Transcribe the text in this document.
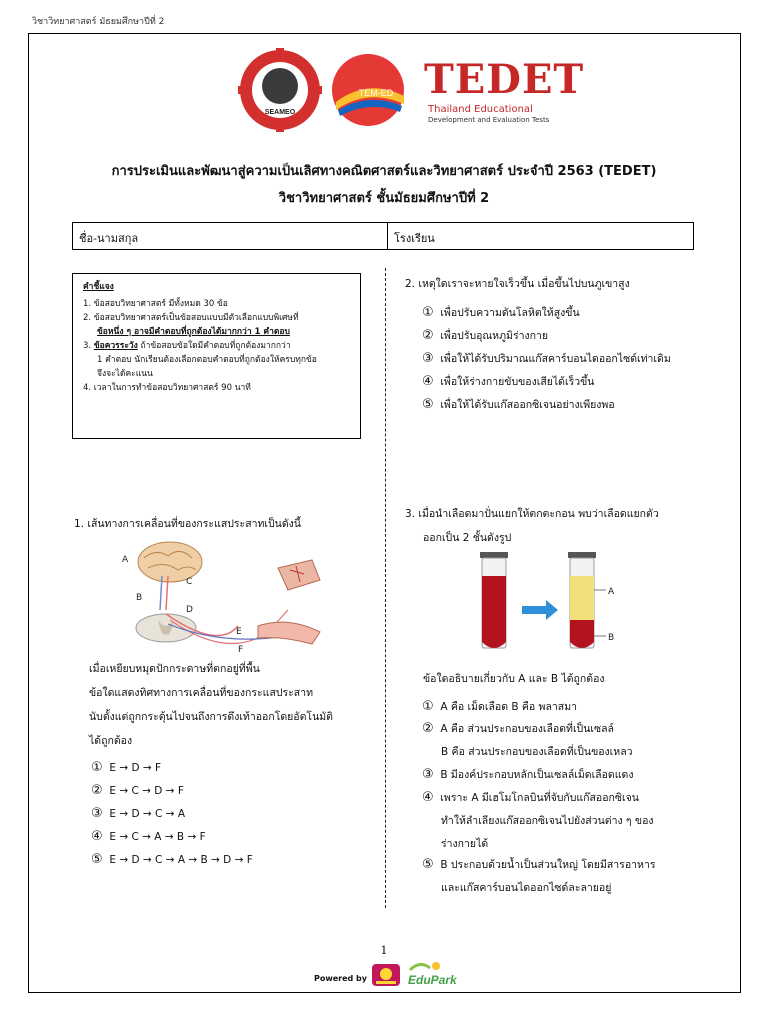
วิชาวิทยาศาสตร์ มัธยมศึกษาปีที่ 2
SEAMEO
TEM-ED TEDET
Thailand Educational
Development and Evaluation Tests
การประเมินและพัฒนาสู่ความเป็นเลิศทางคณิตศาสตร์และวิทยาศาสตร์ ประจำปี 2563 (TEDET)
วิชาวิทยาศาสตร์ ชั้นมัธยมศึกษาปีที่ 2
ชื่อ-นามสกุล	โรงเรียน
คำชี้แจง
1. ข้อสอบวิทยาศาสตร์ มีทั้งหมด 30 ข้อ
2. ข้อสอบวิทยาศาสตร์เป็นข้อสอบแบบมีตัวเลือกแบบพิเศษที่
ข้อหนึ่ง ๆ อาจมีคำตอบที่ถูกต้องได้มากกว่า 1 คำตอบ
3. ข้อควรระวัง ถ้าข้อสอบข้อใดมีคำตอบที่ถูกต้องมากกว่า
1 คำตอบ นักเรียนต้องเลือกตอบคำตอบที่ถูกต้องให้ครบทุกข้อ
จึงจะได้คะแนน
4. เวลาในการทำข้อสอบวิทยาศาสตร์ 90 นาที
1. เส้นทางการเคลื่อนที่ของกระแสประสาทเป็นดังนี้
A
B
C
D
E
F
เมื่อเหยียบหมุดปักกระดาษที่ตกอยู่ที่พื้น
ข้อใดแสดงทิศทางการเคลื่อนที่ของกระแสประสาท
นับตั้งแต่ถูกกระตุ้นไปจนถึงการดึงเท้าออกโดยอัตโนมัติ
ได้ถูกต้อง
① E → D → F
② E → C → D → F
③ E → D → C → A
④ E → C → A → B → F
⑤ E → D → C → A → B → D → F
2. เหตุใดเราจะหายใจเร็วขึ้น เมื่อขึ้นไปบนภูเขาสูง
① เพื่อปรับความดันโลหิตให้สูงขึ้น
② เพื่อปรับอุณหภูมิร่างกาย
③ เพื่อให้ได้รับปริมาณแก๊สคาร์บอนไดออกไซด์เท่าเดิม
④ เพื่อให้ร่างกายขับของเสียได้เร็วขึ้น
⑤ เพื่อให้ได้รับแก๊สออกซิเจนอย่างเพียงพอ
3. เมื่อนำเลือดมาปั่นแยกให้ตกตะกอน พบว่าเลือดแยกตัว
ออกเป็น 2 ชั้นดังรูป
A
B
ข้อใดอธิบายเกี่ยวกับ A และ B ได้ถูกต้อง
① A คือ เม็ดเลือด B คือ พลาสมา
② A คือ ส่วนประกอบของเลือดที่เป็นเซลล์
B คือ ส่วนประกอบของเลือดที่เป็นของเหลว
③ B มีองค์ประกอบหลักเป็นเซลล์เม็ดเลือดแดง
④ เพราะ A มีเฮโมโกลบินที่จับกับแก๊สออกซิเจน
ทำให้ลำเลียงแก๊สออกซิเจนไปยังส่วนต่าง ๆ ของ
ร่างกายได้
⑤ B ประกอบด้วยน้ำเป็นส่วนใหญ่ โดยมีสารอาหาร
และแก๊สคาร์บอนไดออกไซด์ละลายอยู่
1
Powered by	EduPark
